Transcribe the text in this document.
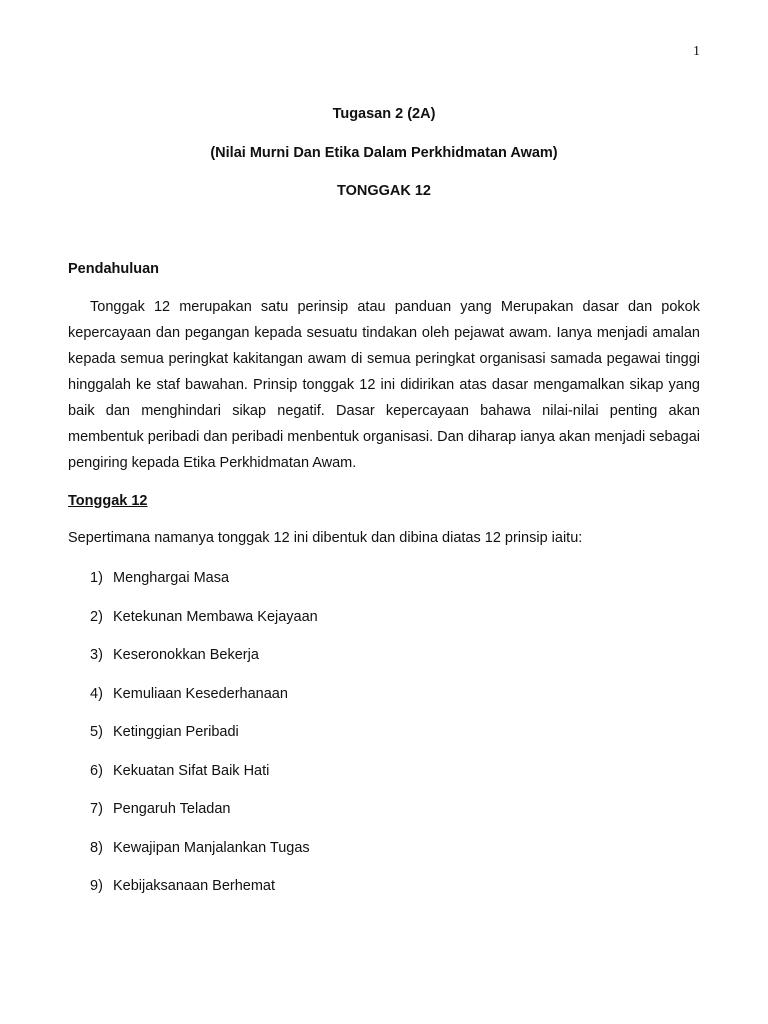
1
Tugasan 2 (2A)
(Nilai Murni Dan Etika Dalam Perkhidmatan Awam)
TONGGAK 12
Pendahuluan

Tonggak 12 merupakan satu perinsip atau panduan yang Merupakan dasar dan pokok kepercayaan dan pegangan kepada sesuatu tindakan oleh pejawat awam. Ianya menjadi amalan kepada semua peringkat kakitangan awam di semua peringkat organisasi samada pegawai tinggi hinggalah ke staf bawahan. Prinsip tonggak 12 ini didirikan atas dasar mengamalkan sikap yang baik dan menghindari sikap negatif. Dasar kepercayaan bahawa nilai-nilai penting akan membentuk peribadi dan peribadi menbentuk organisasi. Dan diharap ianya akan menjadi sebagai pengiring kepada Etika Perkhidmatan Awam.

Tonggak 12
Sepertimana namanya tonggak 12 ini dibentuk dan dibina diatas 12 prinsip iaitu:
1) Menghargai Masa
2) Ketekunan Membawa Kejayaan
3) Keseronokkan Bekerja
4) Kemuliaan Kesederhanaan
5) Ketinggian Peribadi
6) Kekuatan Sifat Baik Hati
7) Pengaruh Teladan
8) Kewajipan Manjalankan Tugas
9) Kebijaksanaan Berhemat
